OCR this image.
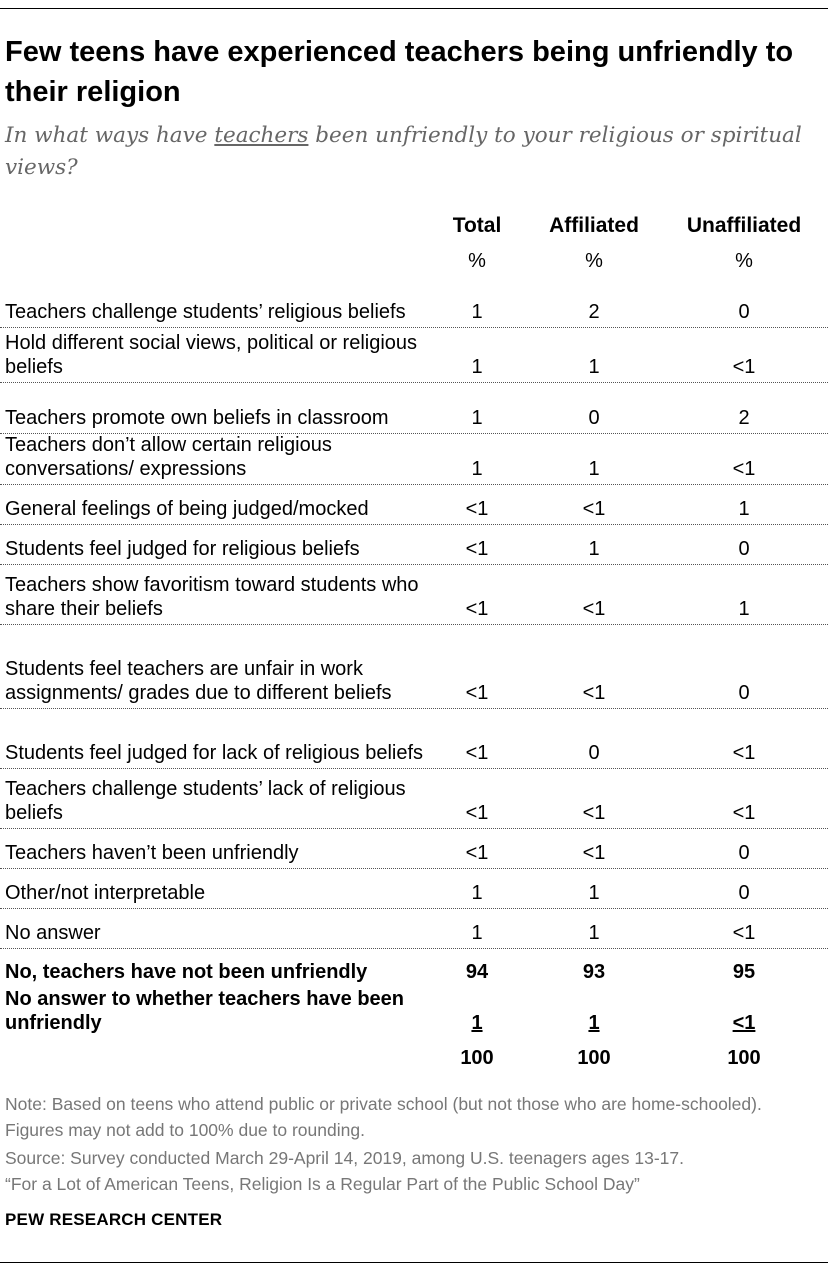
Few teens have experienced teachers being unfriendly to their religion

In what ways have teachers been unfriendly to your religious or spiritual views?

Total	Affiliated	Unaffiliated
%	%	%
Teachers challenge students’ religious beliefs	1	2	0
Hold different social views, political or religious beliefs	1	1	<1
Teachers promote own beliefs in classroom	1	0	2
Teachers don’t allow certain religious conversations/ expressions	1	1	<1
General feelings of being judged/mocked	<1	<1	1
Students feel judged for religious beliefs	<1	1	0
Teachers show favoritism toward students who share their beliefs	<1	<1	1
Students feel teachers are unfair in work assignments/ grades due to different beliefs	<1	<1	0
Students feel judged for lack of religious beliefs	<1	0	<1
Teachers challenge students’ lack of religious beliefs	<1	<1	<1
Teachers haven’t been unfriendly	<1	<1	0
Other/not interpretable	1	1	0
No answer	1	1	<1
No, teachers have not been unfriendly	94	93	95
No answer to whether teachers have been unfriendly	1	1	<1
100	100	100

Note: Based on teens who attend public or private school (but not those who are home-schooled). Figures may not add to 100% due to rounding.

Source: Survey conducted March 29-April 14, 2019, among U.S. teenagers ages 13-17.

“For a Lot of American Teens, Religion Is a Regular Part of the Public School Day”

PEW RESEARCH CENTER
